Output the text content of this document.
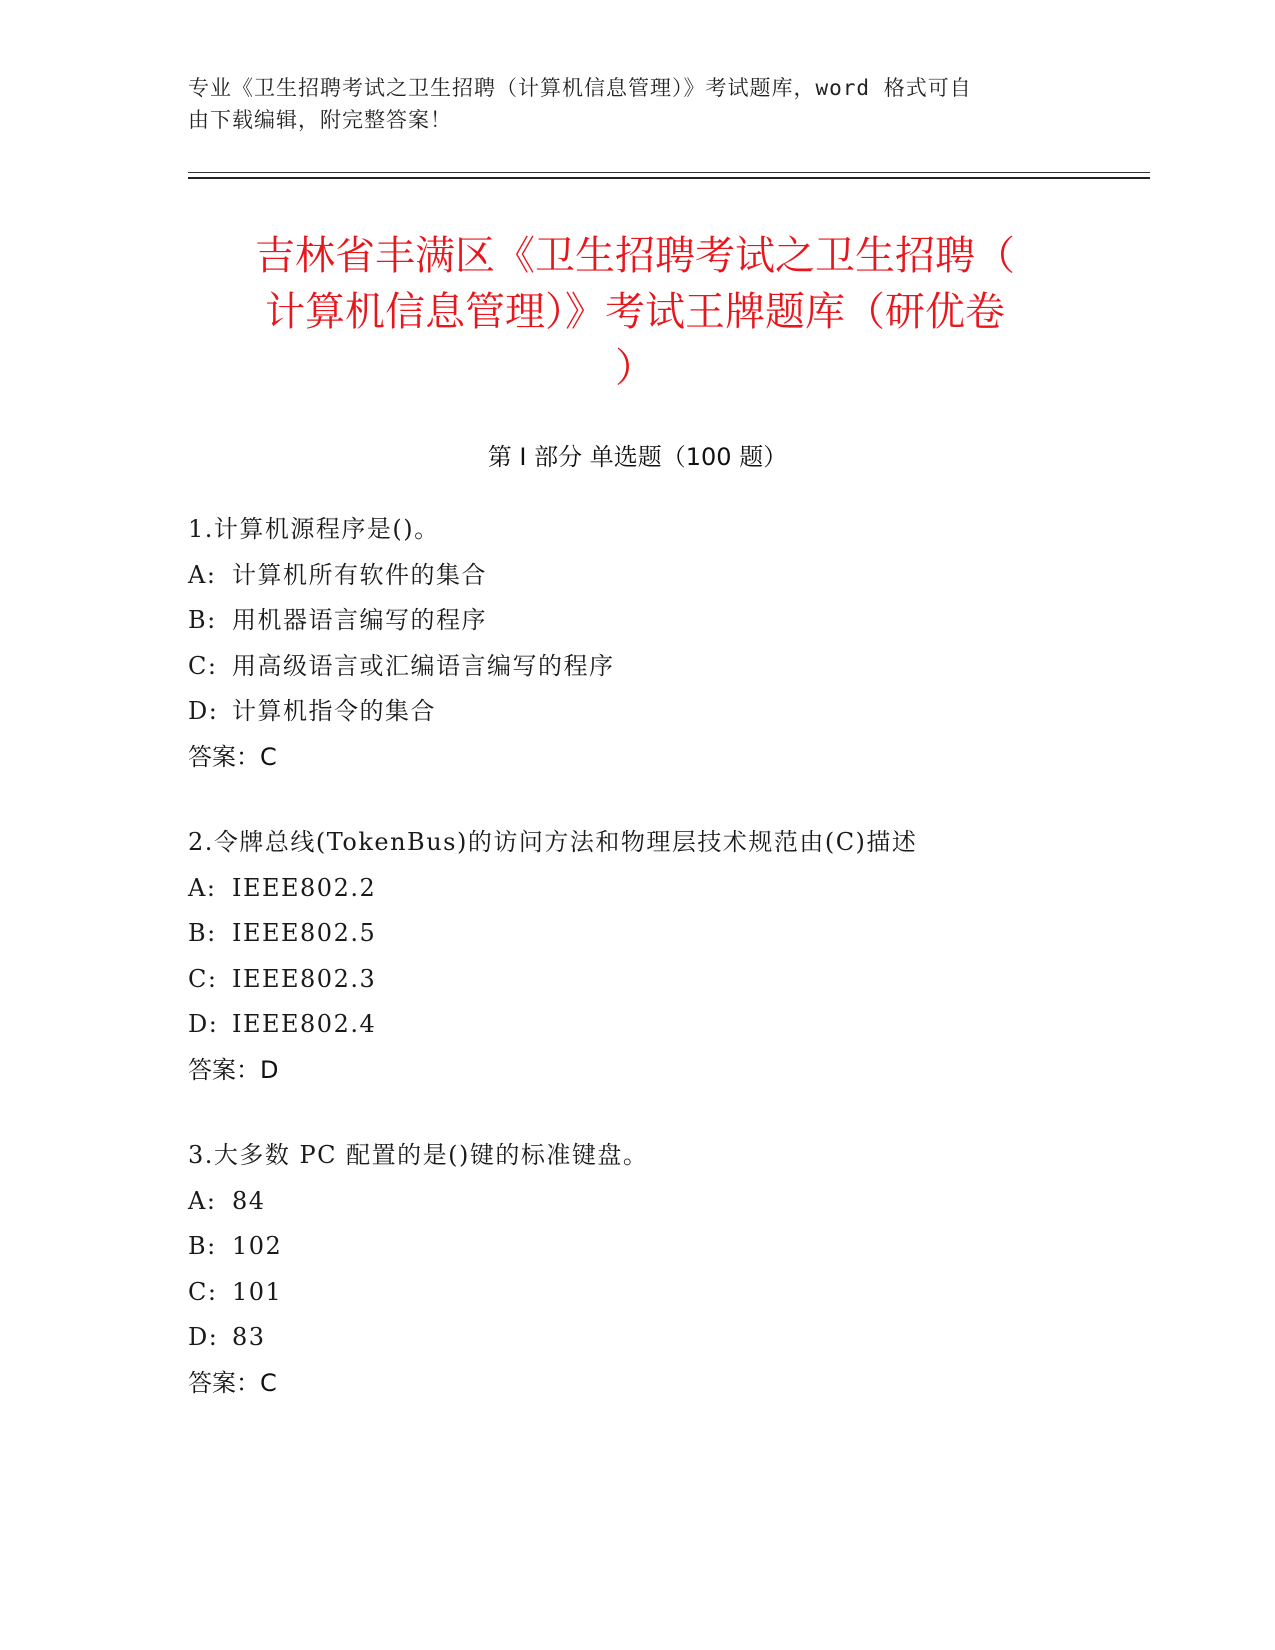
专业《卫生招聘考试之卫生招聘（计算机信息管理）》考试题库，word 格式可自
由下载编辑，附完整答案！
吉林省丰满区《卫生招聘考试之卫生招聘（
计算机信息管理）》考试王牌题库（研优卷
）
第 I 部分 单选题（100 题）
1.计算机源程序是()。
A: 计算机所有软件的集合
B: 用机器语言编写的程序
C: 用高级语言或汇编语言编写的程序
D: 计算机指令的集合
答案：C
2.令牌总线(TokenBus)的访问方法和物理层技术规范由(C)描述
A: IEEE802.2
B: IEEE802.5
C: IEEE802.3
D: IEEE802.4
答案：D
3.大多数 PC 配置的是()键的标准键盘。
A: 84
B: 102
C: 101
D: 83
答案：C
